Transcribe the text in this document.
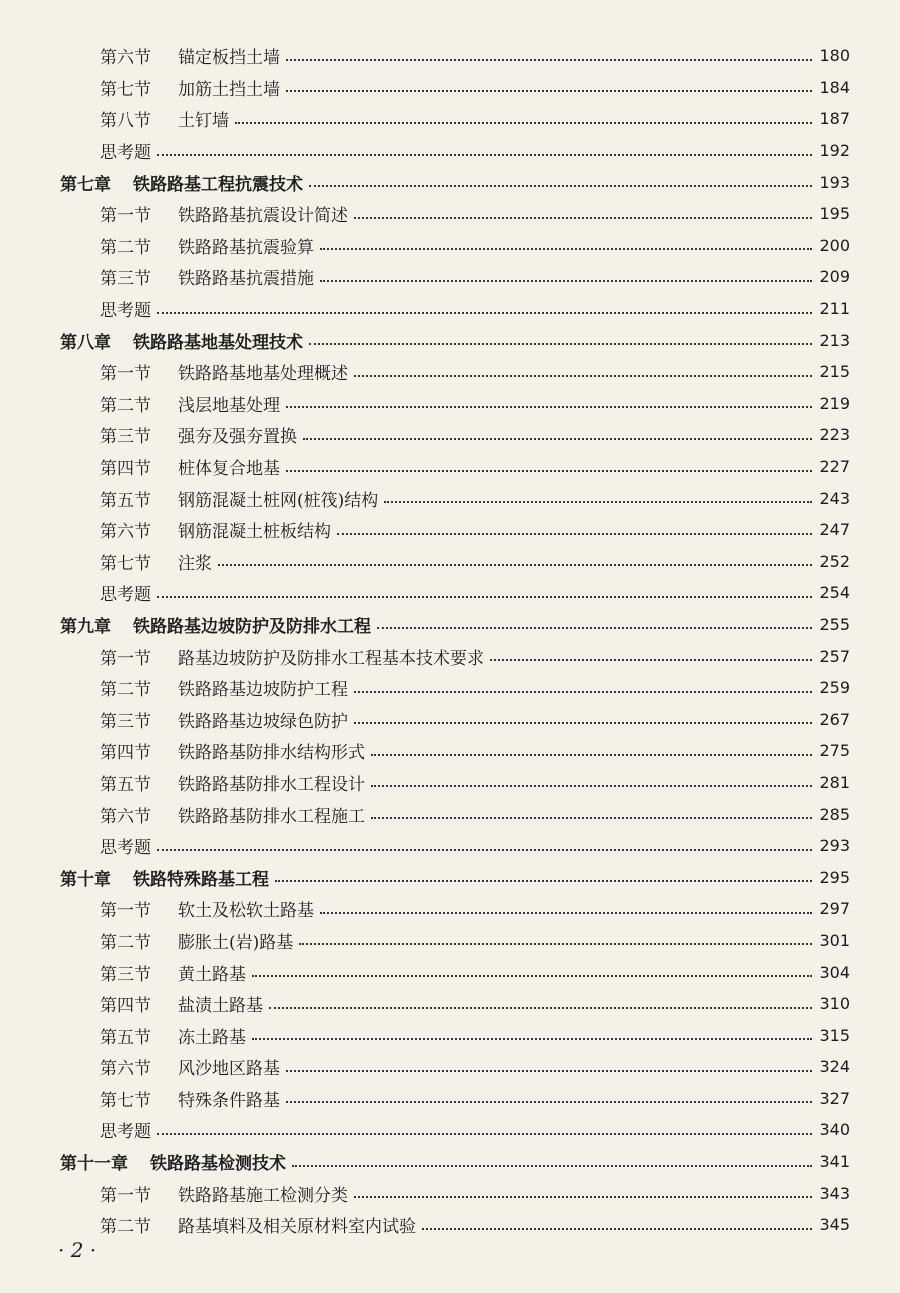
第六节	锚定板挡土墙	180
第七节	加筋土挡土墙	184
第八节	土钉墙	187
思考题	192
第七章 铁路路基工程抗震技术	193
第一节	铁路路基抗震设计简述	195
第二节	铁路路基抗震验算	200
第三节	铁路路基抗震措施	209
思考题	211
第八章 铁路路基地基处理技术	213
第一节	铁路路基地基处理概述	215
第二节	浅层地基处理	219
第三节	强夯及强夯置换	223
第四节	桩体复合地基	227
第五节	钢筋混凝土桩网(桩筏)结构	243
第六节	钢筋混凝土桩板结构	247
第七节	注浆	252
思考题	254
第九章 铁路路基边坡防护及防排水工程	255
第一节	路基边坡防护及防排水工程基本技术要求	257
第二节	铁路路基边坡防护工程	259
第三节	铁路路基边坡绿色防护	267
第四节	铁路路基防排水结构形式	275
第五节	铁路路基防排水工程设计	281
第六节	铁路路基防排水工程施工	285
思考题	293
第十章 铁路特殊路基工程	295
第一节	软土及松软土路基	297
第二节	膨胀土(岩)路基	301
第三节	黄土路基	304
第四节	盐渍土路基	310
第五节	冻土路基	315
第六节	风沙地区路基	324
第七节	特殊条件路基	327
思考题	340
第十一章 铁路路基检测技术	341
第一节	铁路路基施工检测分类	343
第二节	路基填料及相关原材料室内试验	345
· 2 ·
